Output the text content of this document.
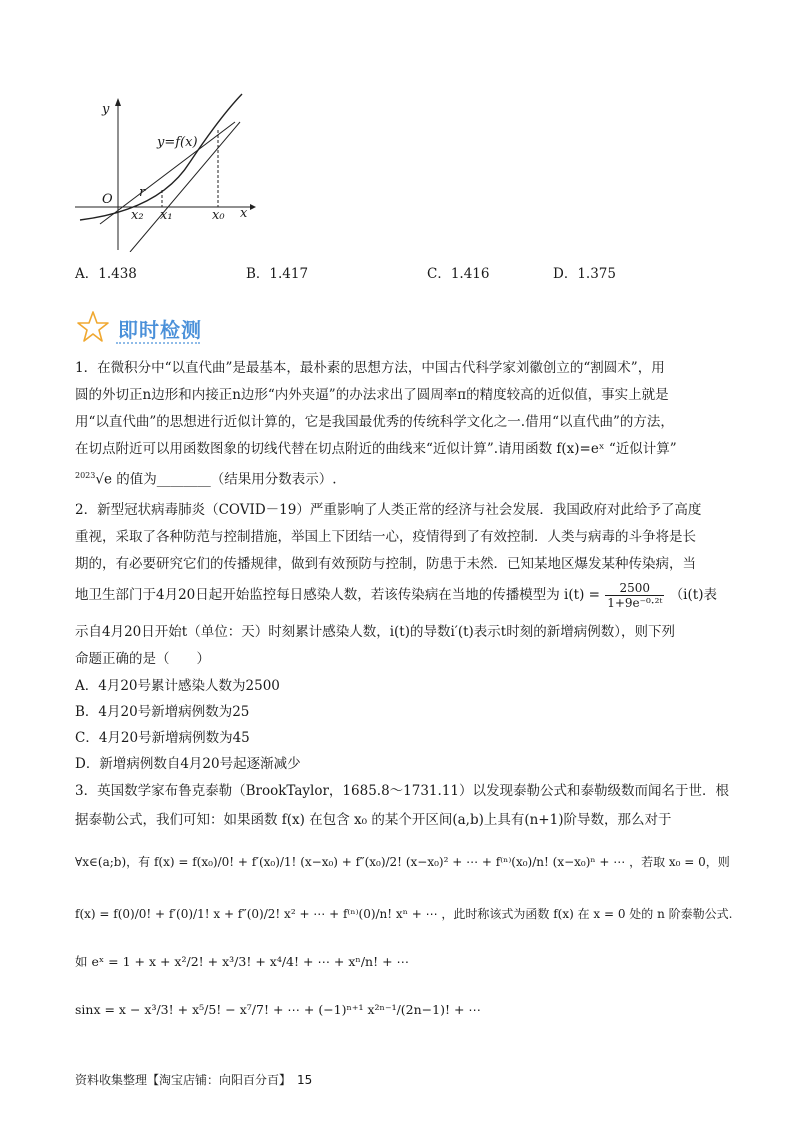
y
x
O
y=f(x)
r
x₂ x₁	x₀
A．1.438	B．1.417	C．1.416	D．1.375
即时检测
1．在微积分中“以直代曲”是最基本，最朴素的思想方法，中国古代科学家刘徽创立的“割圆术”，用
圆的外切正n边形和内接正n边形“内外夹逼”的办法求出了圆周率π的精度较高的近似值，事实上就是
用“以直代曲”的思想进行近似计算的，它是我国最优秀的传统科学文化之一.借用“以直代曲”的方法，
在切点附近可以用函数图象的切线代替在切点附近的曲线来“近似计算”.请用函数 f(x)=eˣ “近似计算”
$^{2023}$√e 的值为________（结果用分数表示）.
2．新型冠状病毒肺炎（COVID－19）严重影响了人类正常的经济与社会发展．我国政府对此给予了高度
重视，采取了各种防范与控制措施，举国上下团结一心，疫情得到了有效控制．人类与病毒的斗争将是长
期的，有必要研究它们的传播规律，做到有效预防与控制，防患于未然．已知某地区爆发某种传染病，当
地卫生部门于4月20日起开始监控每日感染人数，若该传染病在当地的传播模型为 $i(t) = \frac{2500}{\text{1+9e⁻⁰·²ᵗ}} (i(t)$表
示自4月20日开始t（单位：天）时刻累计感染人数，i(t)的导数i′(t)表示t时刻的新增病例数），则下列
命题正确的是（　　）
A．4月20号累计感染人数为2500
B．4月20号新增病例数为25
C．4月20号新增病例数为45
D．新增病例数自4月20号起逐渐减少
3．英国数学家布鲁克泰勒（BrookTaylor，1685.8～1731.11）以发现泰勒公式和泰勒级数而闻名于世．根
据泰勒公式，我们可知：如果函数 f(x) 在包含 x₀ 的某个开区间(a,b)上具有(n+1)阶导数，那么对于
∀x∈(a;b)，有 f(x) = f(x₀)/0! + f′(x₀)/1! (x−x₀) + f″(x₀)/2! (x−x₀)² + ⋯ + f⁽ⁿ⁾(x₀)/n! (x−x₀)ⁿ + ⋯ ，若取 x₀ = 0，则
f(x) = f(0)/0! + f′(0)/1! x + f″(0)/2! x² + ⋯ + f⁽ⁿ⁾(0)/n! xⁿ + ⋯ ，此时称该式为函数 f(x) 在 x = 0 处的 n 阶泰勒公式.
如 eˣ = 1 + x + x²/2! + x³/3! + x⁴/4! + ⋯ + xⁿ/n! + ⋯
sinx = x − x³/3! + x⁵/5! − x⁷/7! + ⋯ + (−1)ⁿ⁺¹ x²ⁿ⁻¹/(2n−1)! + ⋯
资料收集整理【淘宝店铺：向阳百分百】　15
